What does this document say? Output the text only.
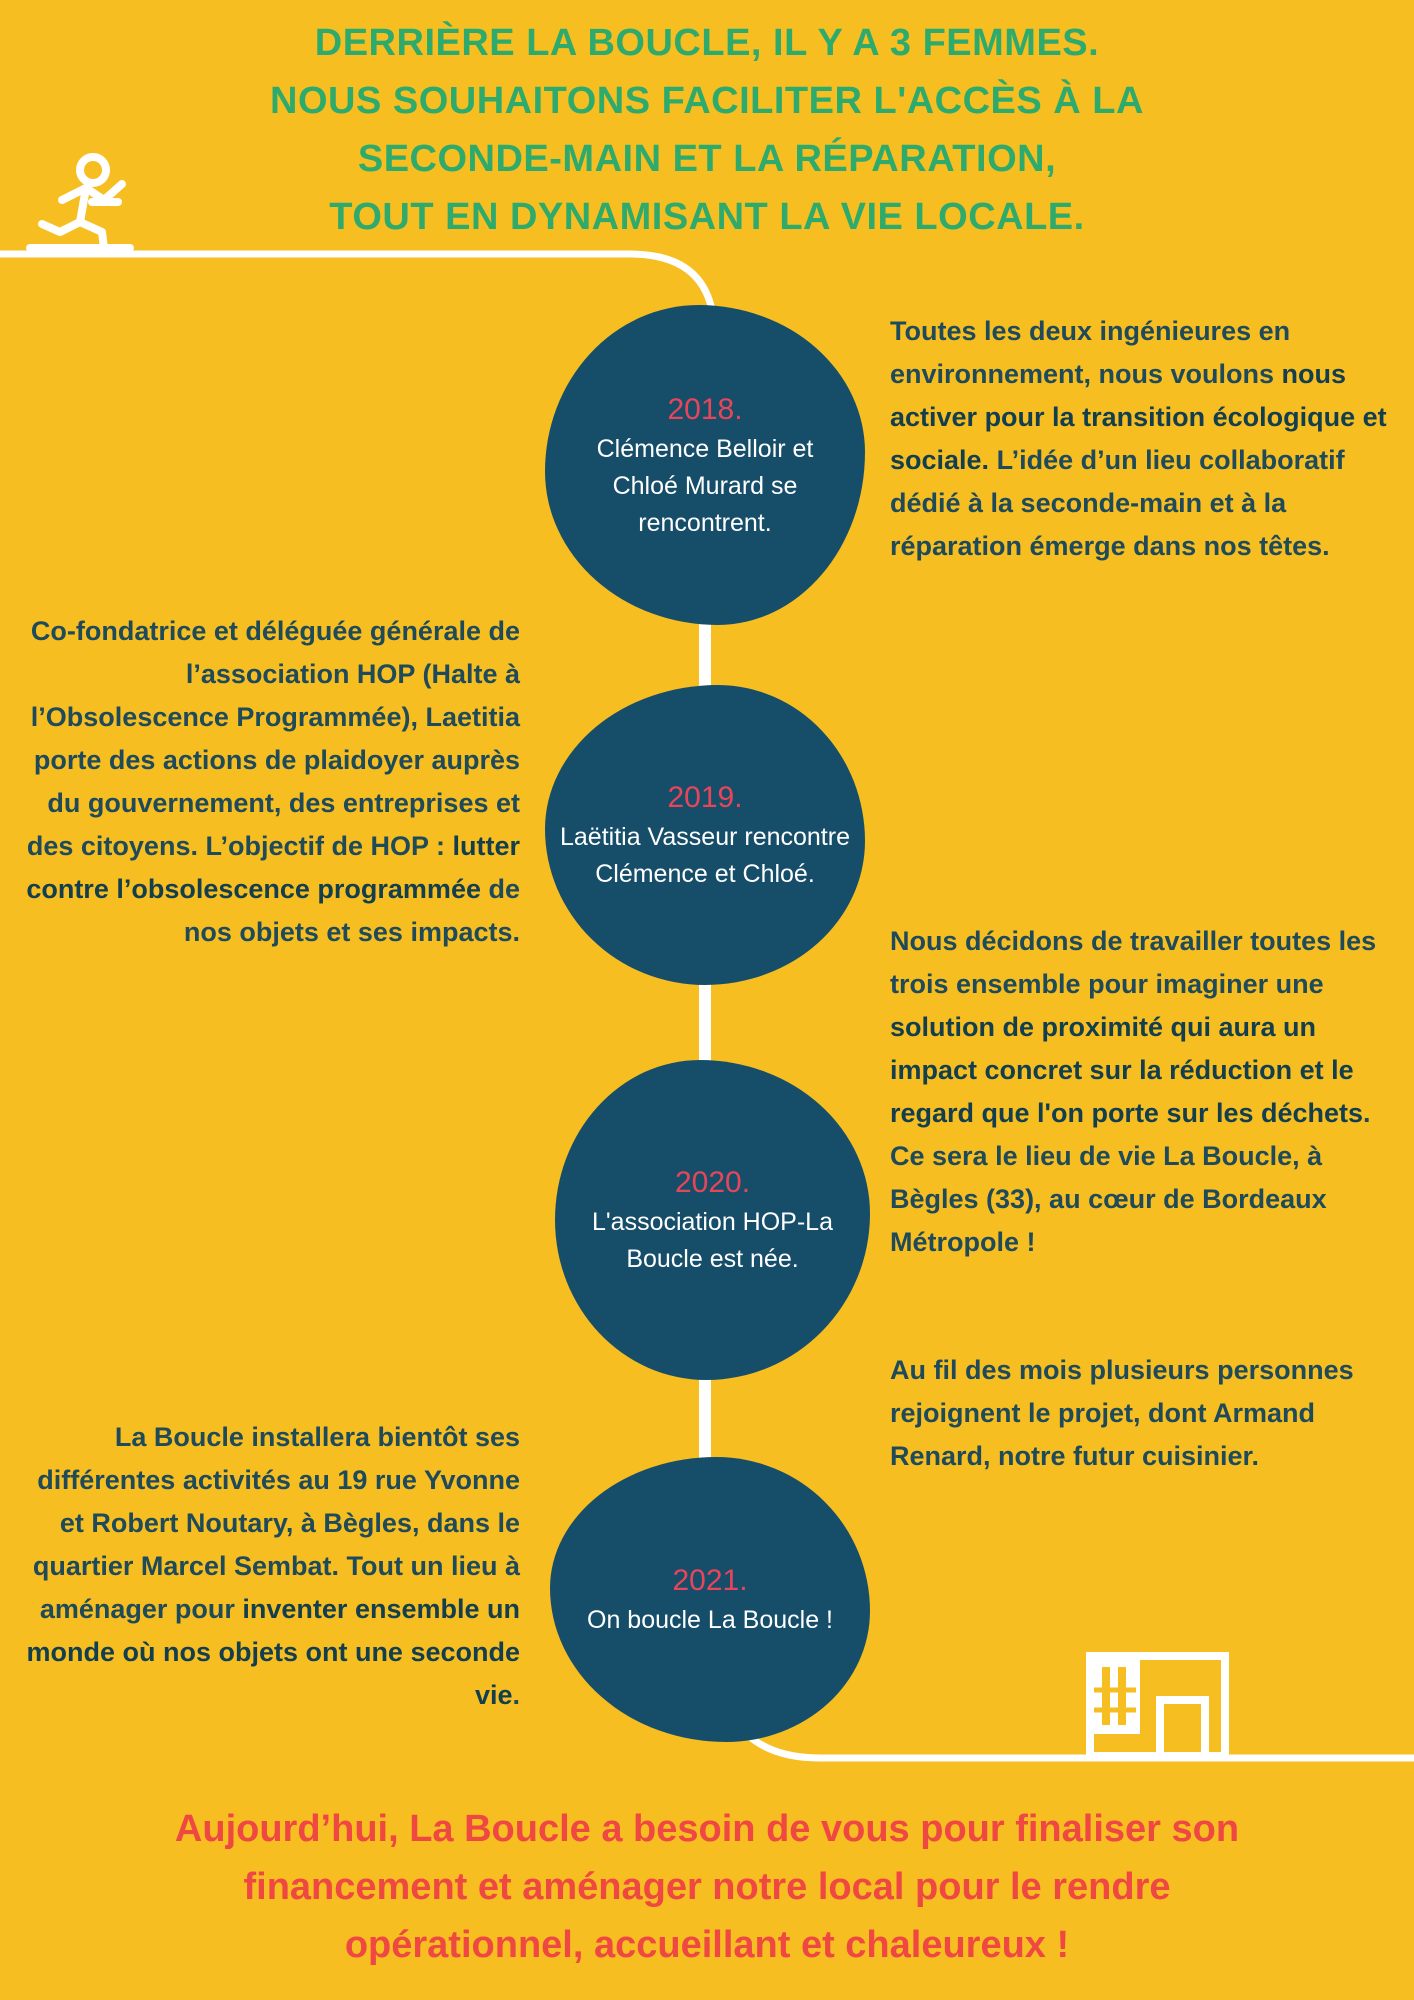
DERRIÈRE LA BOUCLE, IL Y A 3 FEMMES.
NOUS SOUHAITONS FACILITER L'ACCÈS À LA
SECONDE-MAIN ET LA RÉPARATION,
TOUT EN DYNAMISANT LA VIE LOCALE.
2018.
Clémence Belloir et Chloé Murard se rencontrent.
2019.
Laëtitia Vasseur rencontre Clémence et Chloé.
2020.
L'association HOP-La Boucle est née.
2021.
On boucle La Boucle !
Toutes les deux ingénieures en environnement, nous voulons nous activer pour la transition écologique et sociale. L’idée d’un lieu collaboratif dédié à la seconde-main et à la réparation émerge dans nos têtes.
Co-fondatrice et déléguée générale de l’association HOP (Halte à l’Obsolescence Programmée), Laetitia porte des actions de plaidoyer auprès du gouvernement, des entreprises et des citoyens. L’objectif de HOP : lutter contre l’obsolescence programmée de nos objets et ses impacts.	Nous décidons de travailler toutes les trois ensemble pour imaginer une solution de proximité qui aura un impact concret sur la réduction et le regard que l'on porte sur les déchets. Ce sera le lieu de vie La Boucle, à Bègles (33), au cœur de Bordeaux Métropole !
Au fil des mois plusieurs personnes rejoignent le projet, dont Armand Renard, notre futur cuisinier.
La Boucle installera bientôt ses différentes activités au 19 rue Yvonne et Robert Noutary, à Bègles, dans le quartier Marcel Sembat. Tout un lieu à aménager pour inventer ensemble un monde où nos objets ont une seconde vie.
Aujourd’hui, La Boucle a besoin de vous pour finaliser son
financement et aménager notre local pour le rendre
opérationnel, accueillant et chaleureux !
